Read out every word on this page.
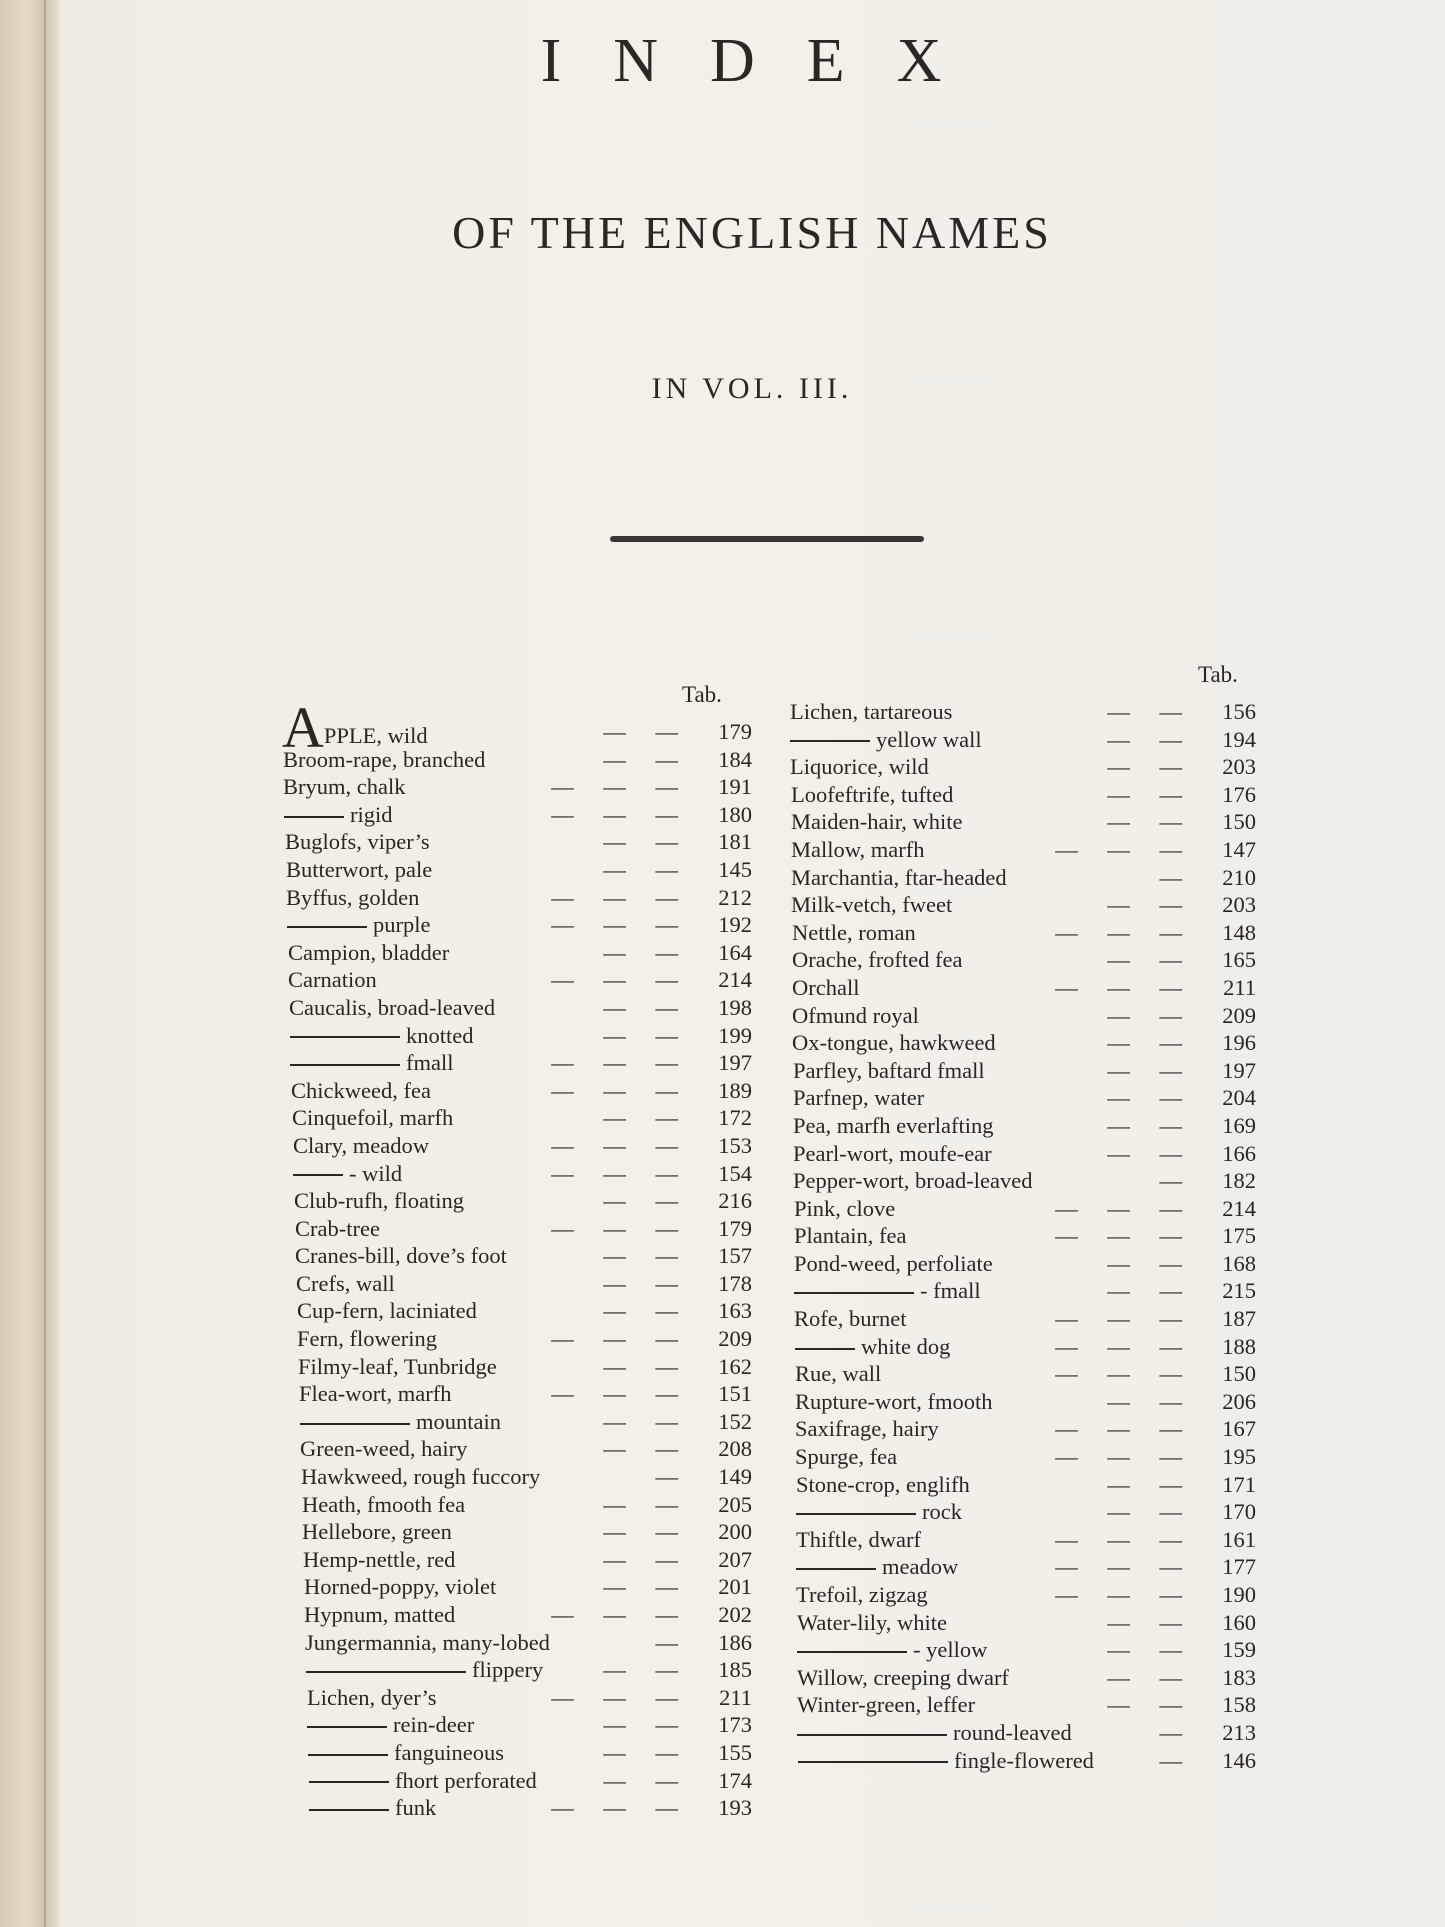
INDEX
OF THE ENGLISH NAMES
IN VOL. III.
Tab.
APPLE, wild	— —	179
Broom-rape, branched	— —	184
Bryum, chalk	— — —	191
rigid	— — —	180
Buglofs, viper’s	— —	181
Butterwort, pale	— —	145
Byffus, golden	— — —	212
purple	— — —	192
Campion, bladder	— —	164
Carnation	— — —	214
Caucalis, broad-leaved	— —	198
knotted	— —	199
fmall	— — —	197
Chickweed, fea	— — —	189
Cinquefoil, marfh	— —	172
Clary, meadow	— — —	153
- wild	— — —	154
Club-rufh, floating	— —	216
Crab-tree	— — —	179
Cranes-bill, dove’s foot	— —	157
Crefs, wall	— —	178
Cup-fern, laciniated	— —	163
Fern, flowering	— — —	209
Filmy-leaf, Tunbridge	— —	162
Flea-wort, marfh	— — —	151
mountain	— —	152
Green-weed, hairy	— —	208
Hawkweed, rough fuccory	—	149
Heath, fmooth fea	— —	205
Hellebore, green	— —	200
Hemp-nettle, red	— —	207
Horned-poppy, violet	— —	201
Hypnum, matted	— — —	202
Jungermannia, many-lobed	—	186
flippery	— —	185
Lichen, dyer’s	— — —	211
rein-deer	— —	173
fanguineous	— —	155
fhort perforated	— —	174
funk	— — —	193
Tab.
Lichen, tartareous	— —	156
yellow wall	— —	194
Liquorice, wild	— —	203
Loofeftrife, tufted	— —	176
Maiden-hair, white	— —	150
Mallow, marfh	— — —	147
Marchantia, ftar-headed	—	210
Milk-vetch, fweet	— —	203
Nettle, roman	— — —	148
Orache, frofted fea	— —	165
Orchall	— — —	211
Ofmund royal	— —	209
Ox-tongue, hawkweed	— —	196
Parfley, baftard fmall	— —	197
Parfnep, water	— —	204
Pea, marfh everlafting	— —	169
Pearl-wort, moufe-ear	— —	166
Pepper-wort, broad-leaved	—	182
Pink, clove	— — —	214
Plantain, fea	— — —	175
Pond-weed, perfoliate	— —	168
- fmall	— —	215
Rofe, burnet	— — —	187
white dog	— — —	188
Rue, wall	— — —	150
Rupture-wort, fmooth	— —	206
Saxifrage, hairy	— — —	167
Spurge, fea	— — —	195
Stone-crop, englifh	— —	171
rock	— —	170
Thiftle, dwarf	— — —	161
meadow	— — —	177
Trefoil, zigzag	— — —	190
Water-lily, white	— —	160
- yellow	— —	159
Willow, creeping dwarf	— —	183
Winter-green, leffer	— —	158
round-leaved	—	213
fingle-flowered	—	146
